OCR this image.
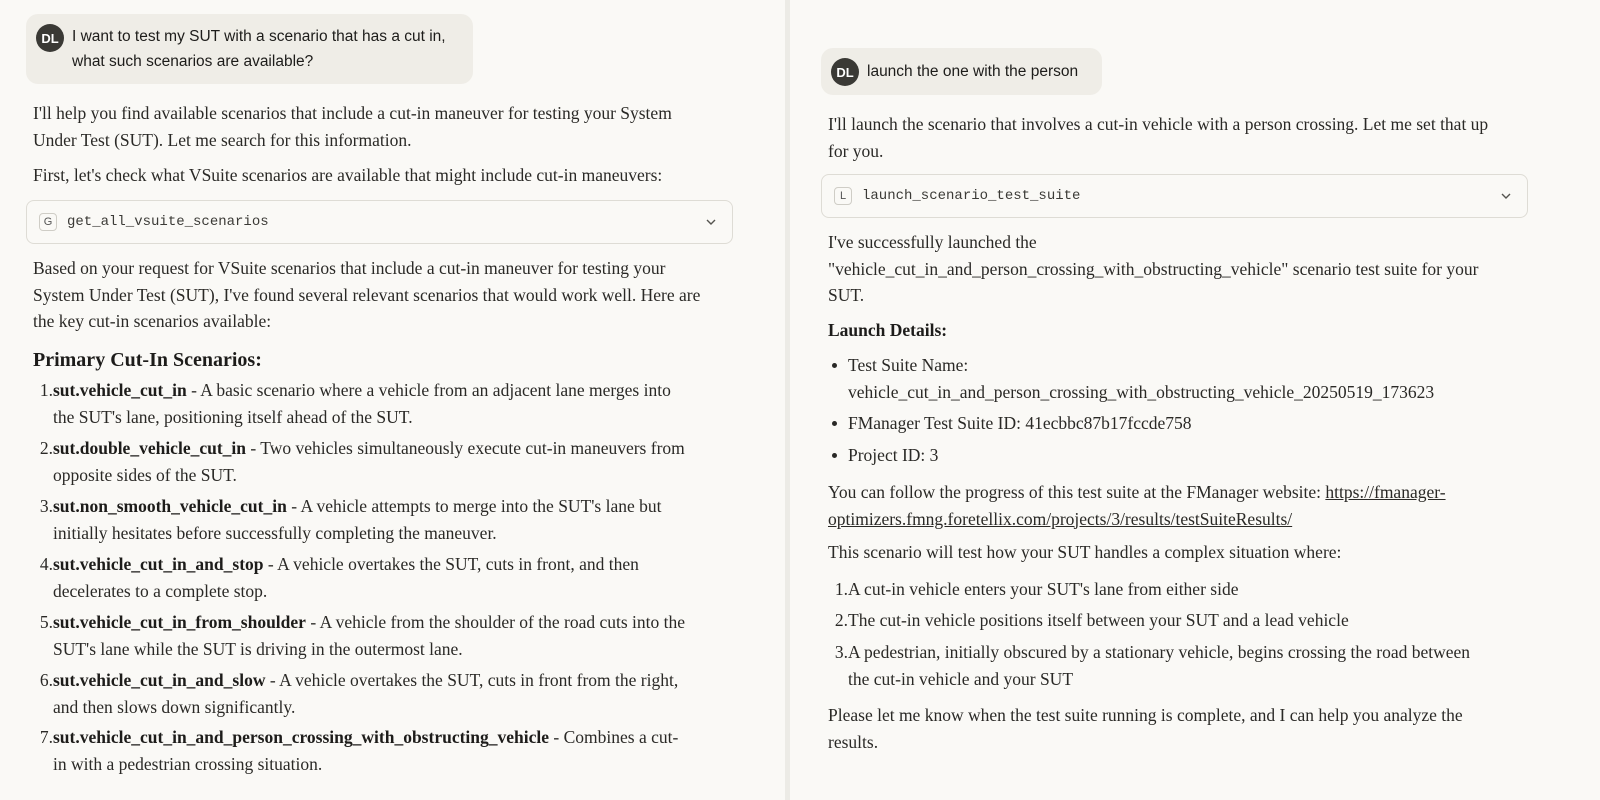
DL I want to test my SUT with a scenario that has a cut in,
what such scenarios are available?
I'll help you find available scenarios that include a cut-in maneuver for testing your System
Under Test (SUT). Let me search for this information.
First, let's check what VSuite scenarios are available that might include cut-in maneuvers:
G	get_all_vsuite_scenarios
Based on your request for VSuite scenarios that include a cut-in maneuver for testing your
System Under Test (SUT), I've found several relevant scenarios that would work well. Here are
the key cut-in scenarios available:
Primary Cut-In Scenarios:
1. sut.vehicle_cut_in - A basic scenario where a vehicle from an adjacent lane merges into
the SUT's lane, positioning itself ahead of the SUT.
2. sut.double_vehicle_cut_in - Two vehicles simultaneously execute cut-in maneuvers from
opposite sides of the SUT.
3. sut.non_smooth_vehicle_cut_in - A vehicle attempts to merge into the SUT's lane but
initially hesitates before successfully completing the maneuver.
4. sut.vehicle_cut_in_and_stop - A vehicle overtakes the SUT, cuts in front, and then
decelerates to a complete stop.
5. sut.vehicle_cut_in_from_shoulder - A vehicle from the shoulder of the road cuts into the
SUT's lane while the SUT is driving in the outermost lane.
6. sut.vehicle_cut_in_and_slow - A vehicle overtakes the SUT, cuts in front from the right,
and then slows down significantly.
7. sut.vehicle_cut_in_and_person_crossing_with_obstructing_vehicle - Combines a cut-
in with a pedestrian crossing situation.
DL launch the one with the person
I'll launch the scenario that involves a cut-in vehicle with a person crossing. Let me set that up
for you.
L	launch_scenario_test_suite
I've successfully launched the
"vehicle_cut_in_and_person_crossing_with_obstructing_vehicle" scenario test suite for your
SUT.
Launch Details:
Test Suite Name:
vehicle_cut_in_and_person_crossing_with_obstructing_vehicle_20250519_173623
FManager Test Suite ID: 41ecbbc87b17fccde758
Project ID: 3
You can follow the progress of this test suite at the FManager website: https://fmanager-
optimizers.fmng.foretellix.com/projects/3/results/testSuiteResults/
This scenario will test how your SUT handles a complex situation where:
1. A cut-in vehicle enters your SUT's lane from either side
2. The cut-in vehicle positions itself between your SUT and a lead vehicle
3. A pedestrian, initially obscured by a stationary vehicle, begins crossing the road between
the cut-in vehicle and your SUT
Please let me know when the test suite running is complete, and I can help you analyze the
results.
